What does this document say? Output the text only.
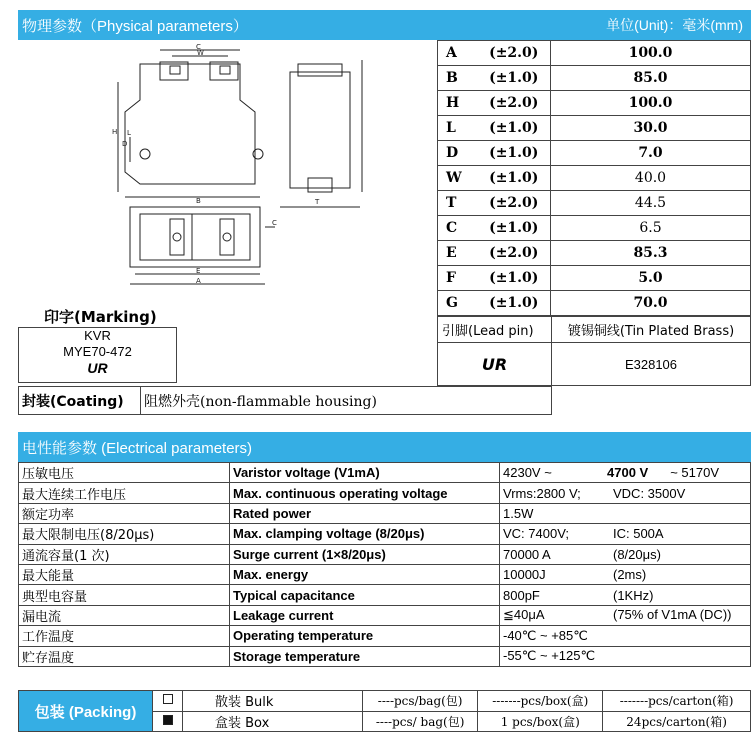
物理参数（Physical parameters）	单位(Unit)：毫米(mm)
C
W
H L
D
B	T
E
A
C
A	(±2.0)	100.0
B	(±1.0)	85.0
H	(±2.0)	100.0
L	(±1.0)	30.0
D	(±1.0)	7.0
W	(±1.0)	40.0
T	(±2.0)	44.5
C	(±1.0)	6.5
E	(±2.0)	85.3
F	(±1.0)	5.0
G	(±1.0)	70.0
印字(Marking)
KVR
MYE70-472
UR
引脚(Lead pin)	镀锡铜线(Tin Plated Brass)
UR	E328106
封装(Coating)	阻燃外壳(non-flammable housing)
电性能参数 (Electrical parameters)
压敏电压	Varistor voltage (V1mA)	4230V ~ 4700 V ~ 5170V
最大连续工作电压	Max. continuous operating voltage	Vrms:2800 V; VDC: 3500V
额定功率	Rated power	1.5W
最大限制电压(8/20μs)	Max. clamping voltage (8/20μs)	VC: 7400V; IC: 500A
通流容量(1 次)	Surge current (1×8/20μs)	70000 A (8/20μs)
最大能量	Max. energy	10000J (2ms)
典型电容量	Typical capacitance	800pF (1KHz)
漏电流	Leakage current	≦40μA (75% of V1mA (DC))
工作温度	Operating temperature	-40℃ ~ +85℃
贮存温度	Storage temperature	-55℃ ~ +125℃
包装 (Packing)		散装 Bulk	----pcs/bag(包)	-------pcs/box(盒)	-------pcs/carton(箱)
		盒装 Box	----pcs/ bag(包)	1 pcs/box(盒)	24pcs/carton(箱)
